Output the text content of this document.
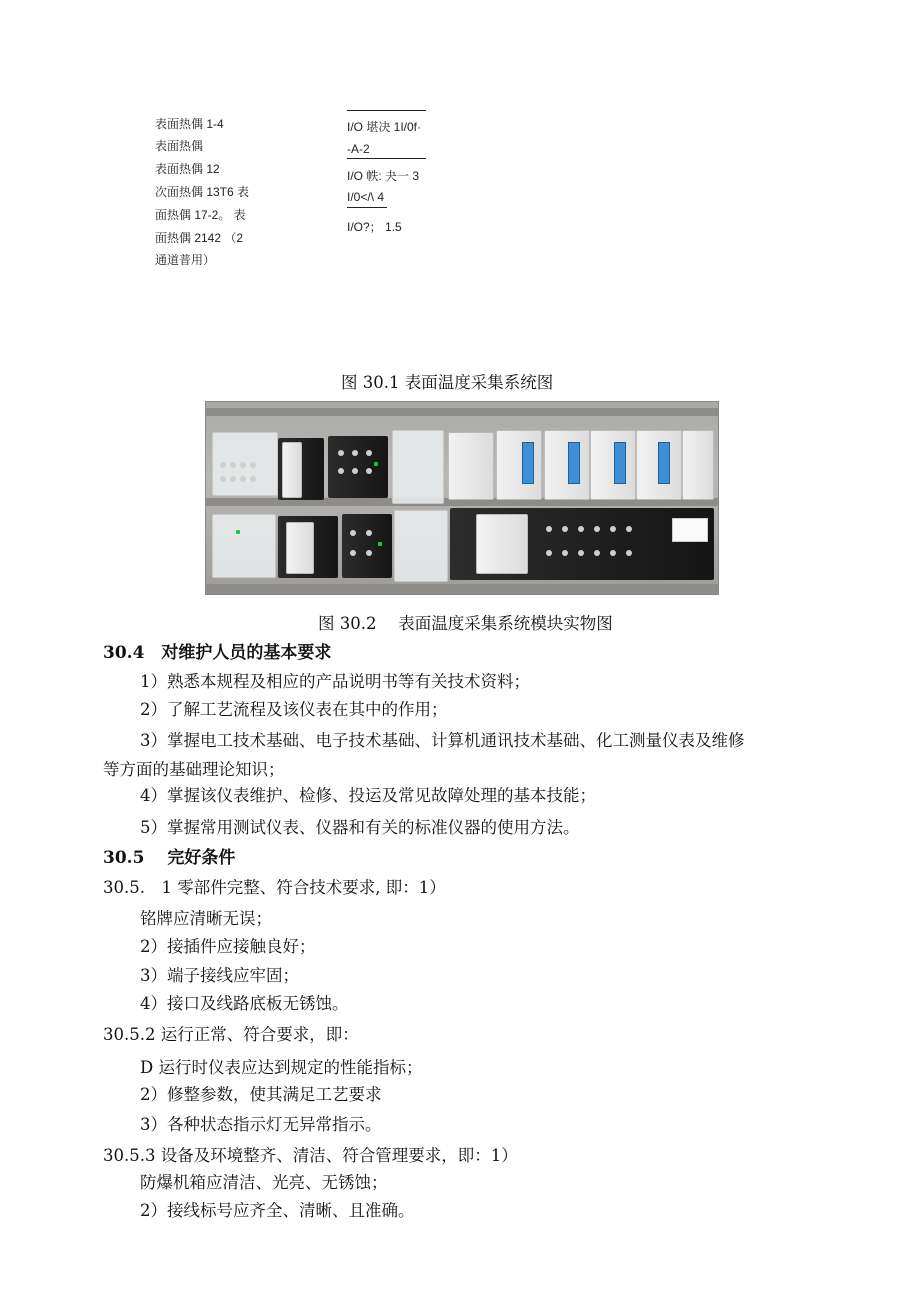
表面热偶 1-4
表面热偶
表面热偶 12
次面热偶 13T6 表
面热偶 17-2。 表
面热偶 2142 （2
通道普用）
I/O 堪决 1I/0f·
-A-2
I/O 帙: 夬一 3
I/0</\ 4
I/O?； 1.5
图 30.1 表面温度采集系统图
图 30.2　 表面温度采集系统模块实物图
30.4　对维护人员的基本要求
1）熟悉本规程及相应的产品说明书等有关技术资料；
2）了解工艺流程及该仪表在其中的作用；
3）掌握电工技术基础、电子技术基础、计算机通讯技术基础、化工测量仪表及维修
等方面的基础理论知识；
4）掌握该仪表维护、检修、投运及常见故障处理的基本技能；
5）掌握常用测试仪表、仪器和有关的标准仪器的使用方法。
30.5　 完好条件
30.5.　1 零部件完整、符合技术要求, 即：1）
铭牌应清晰无误；
2）接插件应接触良好；
3）端子接线应牢固；
4）接口及线路底板无锈蚀。
30.5.2 运行正常、符合要求，即：
D 运行时仪表应达到规定的性能指标；
2）修整参数，使其满足工艺要求
3）各种状态指示灯无异常指示。
30.5.3 设备及环境整齐、清洁、符合管理要求，即：1）
防爆机箱应清洁、光亮、无锈蚀；
2）接线标号应齐全、清晰、且准确。
